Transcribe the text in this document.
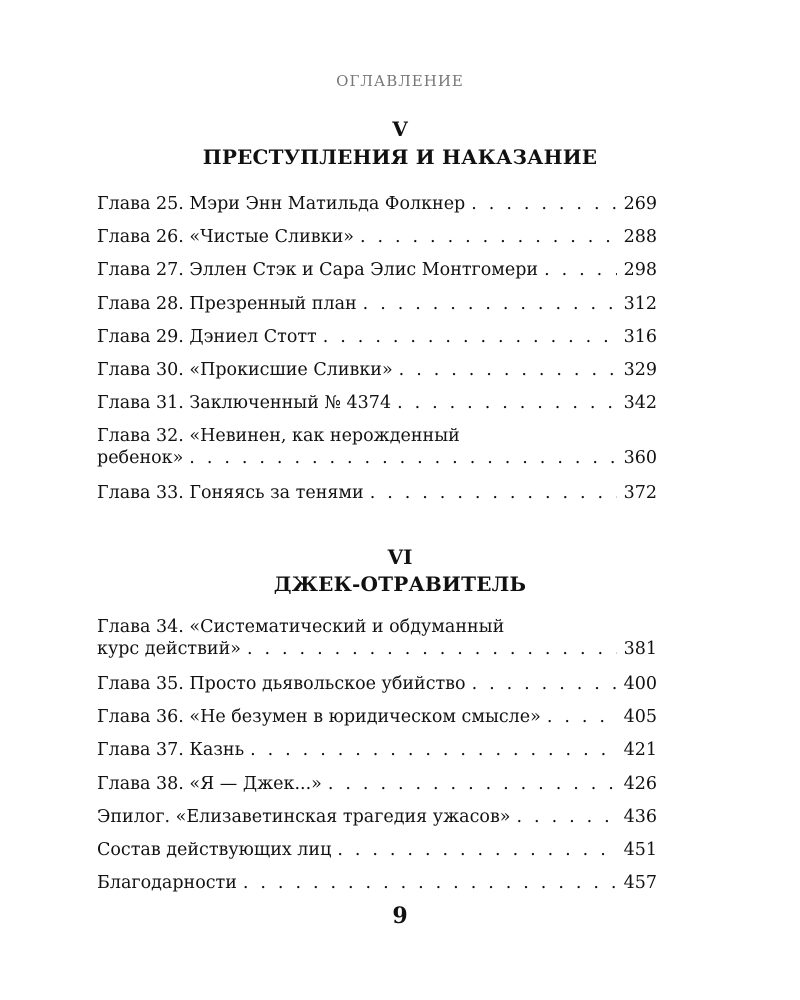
ОГЛАВЛЕНИЕ
V
ПРЕСТУПЛЕНИЯ И НАКАЗАНИЕ
Глава 25. Мэри Энн Матильда Фолкнер . . .	269
Глава 26. «Чистые Сливки» . . .	288
Глава 27. Эллен Стэк и Сара Элис Монтгомери . . .	298
Глава 28. Презренный план . . .	312
Глава 29. Дэниел Стотт . . .	316
Глава 30. «Прокисшие Сливки» . . .	329
Глава 31. Заключенный № 4374 . . .	342
Глава 32. «Невинен, как нерожденный
ребенок» . . .	360
Глава 33. Гоняясь за тенями . . .	372
VI
ДЖЕК-ОТРАВИТЕЛЬ
Глава 34. «Систематический и обдуманный
курс действий» . . .	381
Глава 35. Просто дьявольское убийство . . .	400
Глава 36. «Не безумен в юридическом смысле» . . .	405
Глава 37. Казнь . . .	421
Глава 38. «Я — Джек...» . . .	426
Эпилог. «Елизаветинская трагедия ужасов» . . .	436
Состав действующих лиц . . .	451
Благодарности . . .	457
9
